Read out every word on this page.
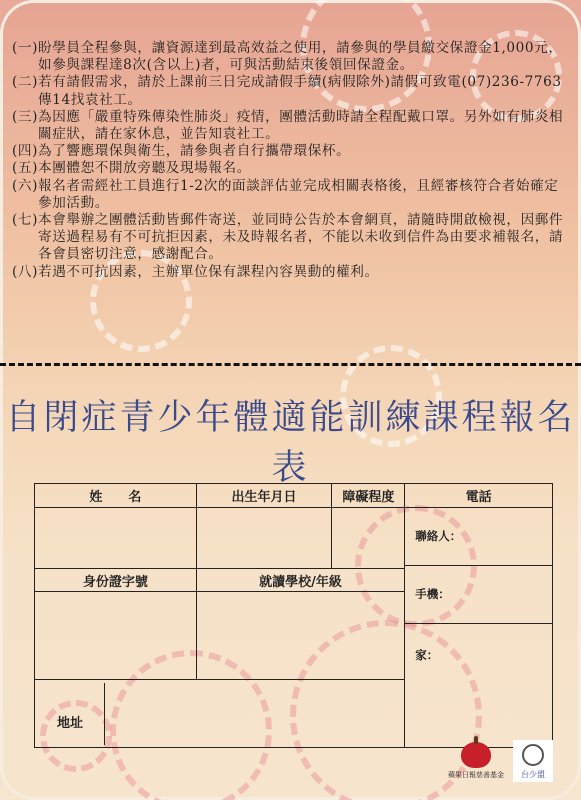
(一) 盼學員全程參與，讓資源達到最高效益之使用，請參與的學員繳交保證金1,000元，如參與課程達8次(含以上)者，可與活動結束後領回保證金。
(二) 若有請假需求，請於上課前三日完成請假手續(病假除外)請假可致電(07)236-7763傳14找袁社工。
(三) 為因應「嚴重特殊傳染性肺炎」疫情，團體活動時請全程配戴口罩。另外如有肺炎相關症狀，請在家休息，並告知袁社工。
(四) 為了響應環保與衛生，請參與者自行攜帶環保杯。
(五) 本團體恕不開放旁聽及現場報名。
(六) 報名者需經社工員進行1-2次的面談評估並完成相關表格後，且經審核符合者始確定參加活動。
(七) 本會舉辦之團體活動皆郵件寄送，並同時公告於本會網頁，請隨時開啟檢視，因郵件寄送過程易有不可抗拒因素，未及時報名者，不能以未收到信件為由要求補報名，請各會員密切注意，感謝配合。
(八) 若遇不可抗因素，主辦單位保有課程內容異動的權利。
自閉症青少年體適能訓練課程報名表
姓　　名	出生年月日	障礙程度	電話

			聯絡人：
手機：
家：

身份證字號	就讀學校/年級		

地址			
蘋果日報慈善基金 台少盟
